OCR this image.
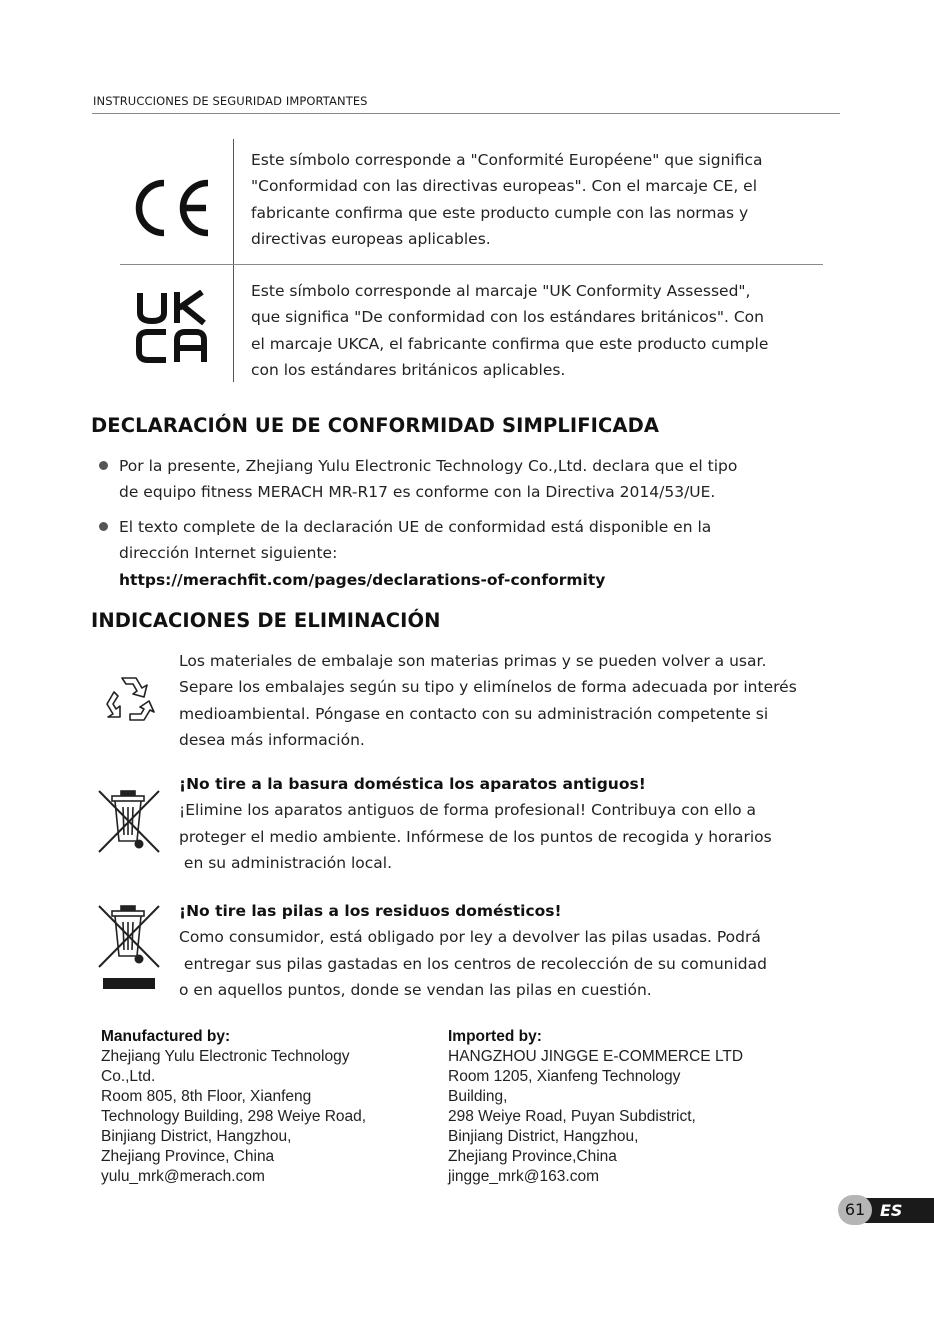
INSTRUCCIONES DE SEGURIDAD IMPORTANTES
Este símbolo corresponde a "Conformité Européene" que significa
"Conformidad con las directivas europeas". Con el marcaje CE, el
fabricante confirma que este producto cumple con las normas y
directivas europeas aplicables.
Este símbolo corresponde al marcaje "UK Conformity Assessed",
que significa "De conformidad con los estándares británicos". Con
el marcaje UKCA, el fabricante confirma que este producto cumple
con los estándares británicos aplicables.
DECLARACIÓN UE DE CONFORMIDAD SIMPLIFICADA
Por la presente, Zhejiang Yulu Electronic Technology Co.,Ltd. declara que el tipo
de equipo fitness MERACH MR-R17 es conforme con la Directiva 2014/53/UE.
El texto complete de la declaración UE de conformidad está disponible en la
dirección Internet siguiente:
https://merachfit.com/pages/declarations-of-conformity
INDICACIONES DE ELIMINACIÓN
Los materiales de embalaje son materias primas y se pueden volver a usar.
Separe los embalajes según su tipo y elimínelos de forma adecuada por interés
medioambiental. Póngase en contacto con su administración competente si
desea más información.
¡No tire a la basura doméstica los aparatos antiguos!
¡Elimine los aparatos antiguos de forma profesional! Contribuya con ello a
proteger el medio ambiente. Infórmese de los puntos de recogida y horarios
en su administración local.
¡No tire las pilas a los residuos domésticos!
Como consumidor, está obligado por ley a devolver las pilas usadas. Podrá
entregar sus pilas gastadas en los centros de recolección de su comunidad
o en aquellos puntos, donde se vendan las pilas en cuestión.
Manufactured by:
Zhejiang Yulu Electronic Technology
Co.,Ltd.
Room 805, 8th Floor, Xianfeng
Technology Building, 298 Weiye Road,
Binjiang District, Hangzhou,
Zhejiang Province, China
yulu_mrk@merach.com
Imported by:
HANGZHOU JINGGE E-COMMERCE LTD
Room 1205, Xianfeng Technology
Building,
298 Weiye Road, Puyan Subdistrict,
Binjiang District, Hangzhou,
Zhejiang Province,China
jingge_mrk@163.com
ES
61
